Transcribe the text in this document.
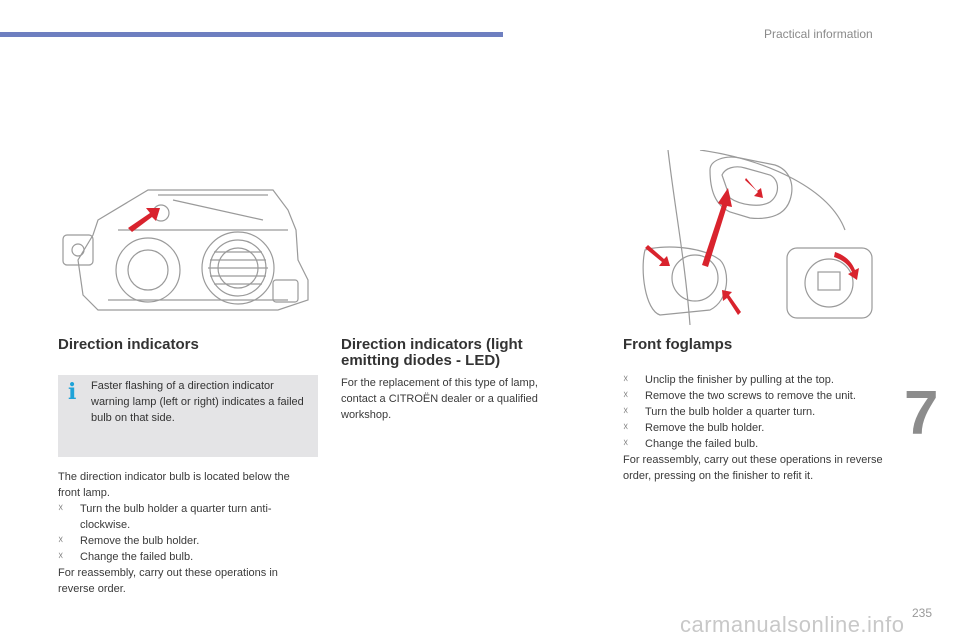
Practical information
Direction indicators
i Faster flashing of a direction indicator warning lamp (left or right) indicates a failed bulb on that side.

The direction indicator bulb is located below the front lamp.

☓	Turn the bulb holder a quarter turn anti-clockwise.
☓	Remove the bulb holder.
☓	Change the failed bulb.

For reassembly, carry out these operations in reverse order.

Direction indicators (light
emitting diodes - LED)
For the replacement of this type of lamp, contact a CITROËN dealer or a qualified workshop.
Front foglamps
☓	Unclip the finisher by pulling at the top.
☓	Remove the two screws to remove the unit.
☓	Turn the bulb holder a quarter turn.
☓	Remove the bulb holder.
☓	Change the failed bulb.

For reassembly, carry out these operations in reverse order, pressing on the finisher to refit it.

7
carmanualsonline.info 235
